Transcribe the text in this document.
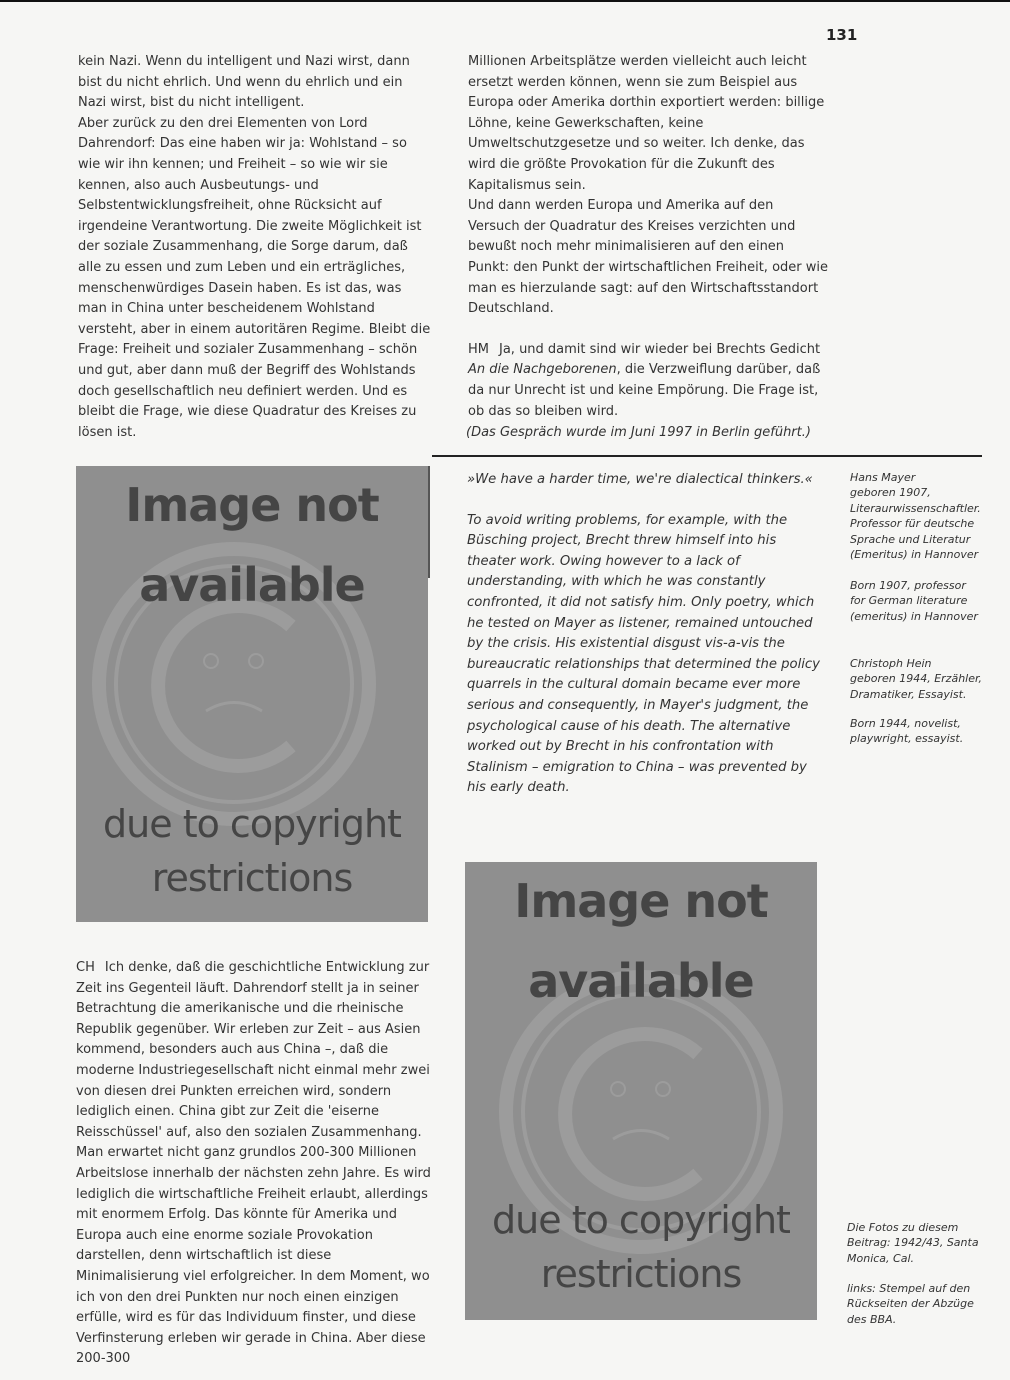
131

kein Nazi. Wenn du intelligent und Nazi wirst, dann bist du nicht ehrlich. Und wenn du ehrlich und ein Nazi wirst, bist du nicht intelligent.

Aber zurück zu den drei Elementen von Lord Dahrendorf: Das eine haben wir ja: Wohlstand – so wie wir ihn kennen; und Freiheit – so wie wir sie kennen, also auch Ausbeutungs- und Selbstentwicklungsfreiheit, ohne Rücksicht auf irgendeine Verantwortung. Die zweite Möglichkeit ist der soziale Zusammenhang, die Sorge darum, daß alle zu essen und zum Leben und ein erträgliches, menschenwürdiges Dasein haben. Es ist das, was man in China unter bescheidenem Wohlstand versteht, aber in einem autoritären Regime. Bleibt die Frage: Freiheit und sozialer Zusammenhang – schön und gut, aber dann muß der Begriff des Wohlstands doch gesellschaftlich neu definiert werden. Und es bleibt die Frage, wie diese Quadratur des Kreises zu lösen ist.

Millionen Arbeitsplätze werden vielleicht auch leicht ersetzt werden können, wenn sie zum Beispiel aus Europa oder Amerika dorthin exportiert werden: billige Löhne, keine Gewerkschaften, keine Umweltschutzgesetze und so weiter. Ich denke, das wird die größte Provokation für die Zukunft des Kapitalismus sein.

Und dann werden Europa und Amerika auf den Versuch der Quadratur des Kreises verzichten und bewußt noch mehr minimalisieren auf den einen Punkt: den Punkt der wirtschaftlichen Freiheit, oder wie man es hierzulande sagt: auf den Wirtschaftsstandort Deutschland.

HM Ja, und damit sind wir wieder bei Brechts Gedicht
An die Nachgeborenen, die Verzweiflung darüber, daß da nur Unrecht ist und keine Empörung. Die Frage ist, ob das so bleiben wird.

(Das Gespräch wurde im Juni 1997 in Berlin geführt.)
Image not
available
due to copyright
restrictions

»We have a harder time, we're dialectical thinkers.«

To avoid writing problems, for example, with the Büsching project, Brecht threw himself into his theater work. Owing however to a lack of understanding, with which he was constantly confronted, it did not satisfy him. Only poetry, which he tested on Mayer as listener, remained untouched by the crisis. His existential disgust vis-a-vis the bureaucratic relationships that determined the policy quarrels in the cultural domain became ever more serious and consequently, in Mayer's judgment, the psychological cause of his death. The alternative worked out by Brecht in his confrontation with Stalinism – emigration to China – was prevented by his early death.

Hans Mayer
geboren 1907,
Literaurwissenschaftler.
Professor für deutsche
Sprache und Literatur
(Emeritus) in Hannover
Born 1907, professor
for German literature
(emeritus) in Hannover
Christoph Hein
geboren 1944, Erzähler,
Dramatiker, Essayist.
Born 1944, novelist,
playwright, essayist.

CH Ich denke, daß die geschichtliche Entwicklung zur Zeit ins Gegenteil läuft. Dahrendorf stellt ja in seiner Betrachtung die amerikanische und die rheinische Republik gegenüber. Wir erleben zur Zeit – aus Asien kommend, besonders auch aus China –, daß die moderne Industriegesellschaft nicht einmal mehr zwei von diesen drei Punkten erreichen wird, sondern lediglich einen. China gibt zur Zeit die 'eiserne Reisschüssel' auf, also den sozialen Zusammenhang. Man erwartet nicht ganz grundlos 200-300 Millionen Arbeitslose innerhalb der nächsten zehn Jahre. Es wird lediglich die wirtschaftliche Freiheit erlaubt, allerdings mit enormem Erfolg. Das könnte für Amerika und Europa auch eine enorme soziale Provokation darstellen, denn wirtschaftlich ist diese Minimalisierung viel erfolgreicher. In dem Moment, wo ich von den drei Punkten nur noch einen einzigen erfülle, wird es für das Individuum finster, und diese Verfinsterung erleben wir gerade in China. Aber diese 200-300

Image not
available
due to copyright
restrictions
Die Fotos zu diesem
Beitrag: 1942/43, Santa
Monica, Cal.
links: Stempel auf den
Rückseiten der Abzüge
des BBA.
